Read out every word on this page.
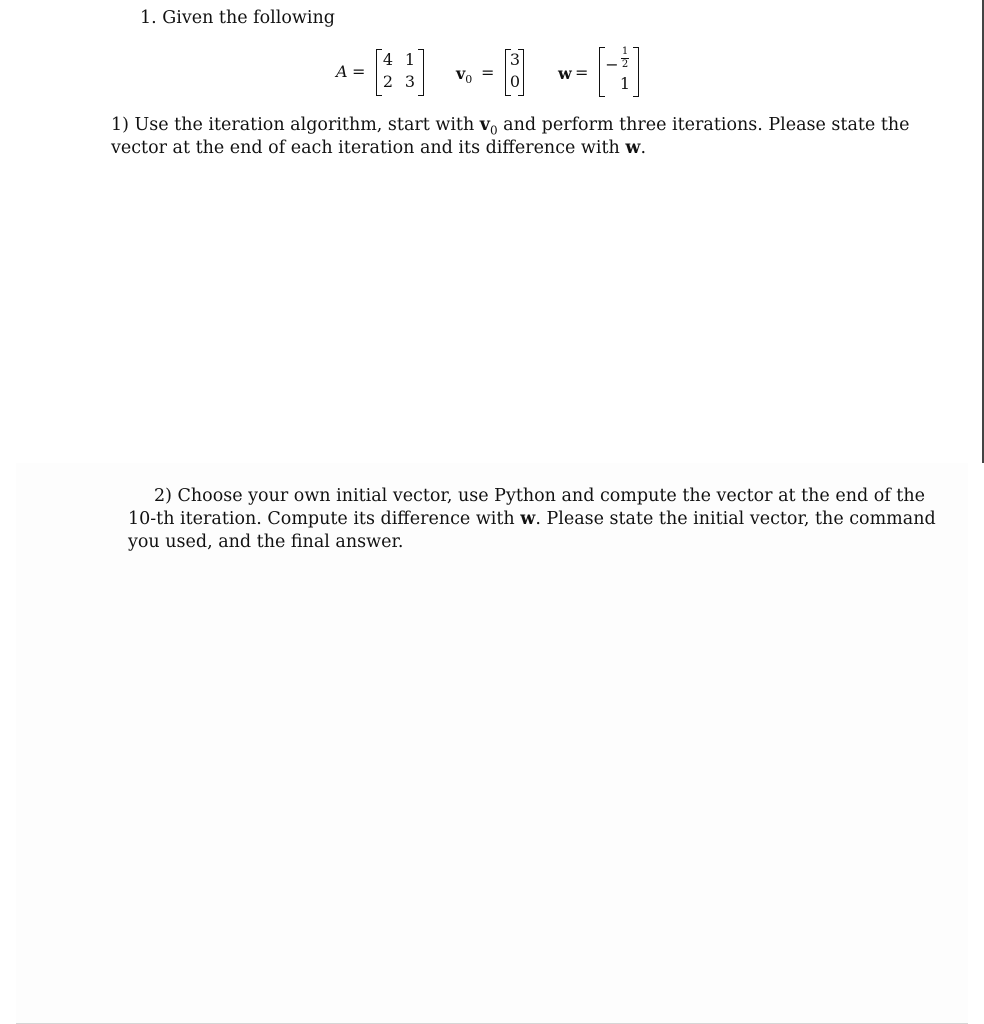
1. Given the following
A =
4 1
2 3	$v_0$ =
3
0 w = −
1
2
1
1) Use the iteration algorithm, start with $v_0$ and perform three iterations. Please state the
vector at the end of each iteration and its difference with w.
2) Choose your own initial vector, use Python and compute the vector at the end of the
10-th iteration. Compute its difference with w. Please state the initial vector, the command
you used, and the final answer.
